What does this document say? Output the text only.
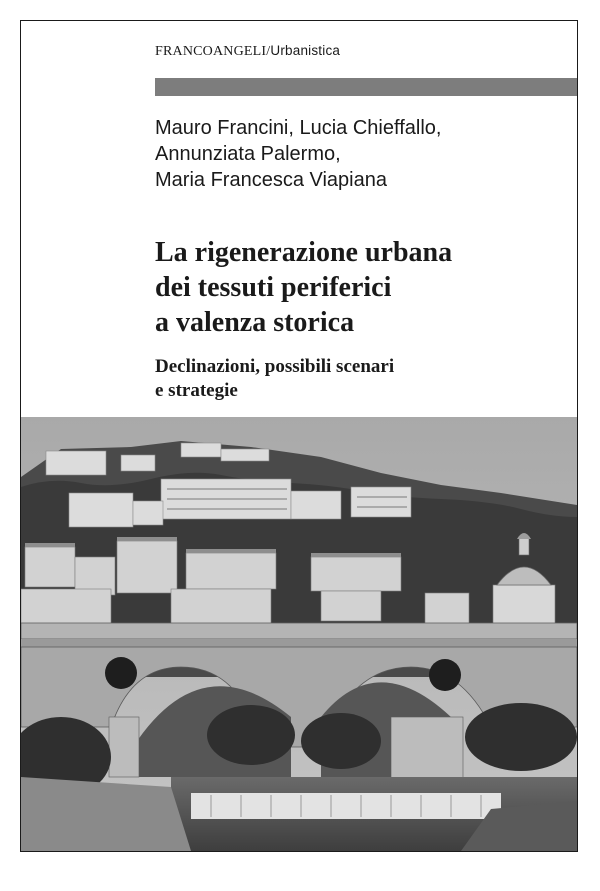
FRANCOANGELI/Urbanistica
Mauro Francini, Lucia Chieffallo,
Annunziata Palermo,
Maria Francesca Viapiana
La rigenerazione urbana
dei tessuti periferici
a valenza storica
Declinazioni, possibili scenari
e strategie
